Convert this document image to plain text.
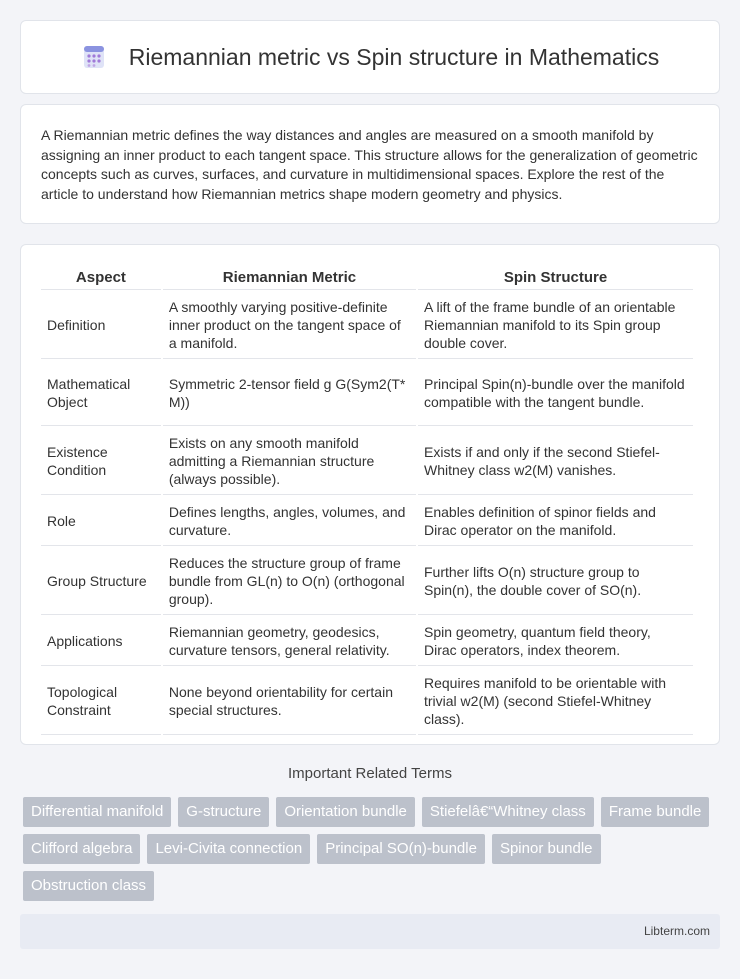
Riemannian metric vs Spin structure in Mathematics

A Riemannian metric defines the way distances and angles are measured on a smooth manifold by assigning an inner product to each tangent space. This structure allows for the generalization of geometric concepts such as curves, surfaces, and curvature in multidimensional spaces. Explore the rest of the article to understand how Riemannian metrics shape modern geometry and physics.

Aspect	Riemannian Metric	Spin Structure
Definition	A smoothly varying positive-definite inner product on the tangent space of a manifold.	A lift of the frame bundle of an orientable Riemannian manifold to its Spin group double cover.
Mathematical Object	Symmetric 2-tensor field g G(Sym2(T* M))	Principal Spin(n)-bundle over the manifold compatible with the tangent bundle.
Existence Condition	Exists on any smooth manifold admitting a Riemannian structure (always possible).	Exists if and only if the second Stiefel-Whitney class w2(M) vanishes.
Role	Defines lengths, angles, volumes, and curvature.	Enables definition of spinor fields and Dirac operator on the manifold.
Group Structure	Reduces the structure group of frame bundle from GL(n) to O(n) (orthogonal group).	Further lifts O(n) structure group to Spin(n), the double cover of SO(n).
Applications	Riemannian geometry, geodesics, curvature tensors, general relativity.	Spin geometry, quantum field theory, Dirac operators, index theorem.
Topological Constraint	None beyond orientability for certain special structures.	Requires manifold to be orientable with trivial w2(M) (second Stiefel-Whitney class).
Important Related Terms
Differential manifold	G-structure	Orientation bundle	Stiefelâ€“Whitney class	Frame bundle
Clifford algebra	Levi-Civita connection	Principal SO(n)-bundle	Spinor bundle
Obstruction class
Libterm.com
